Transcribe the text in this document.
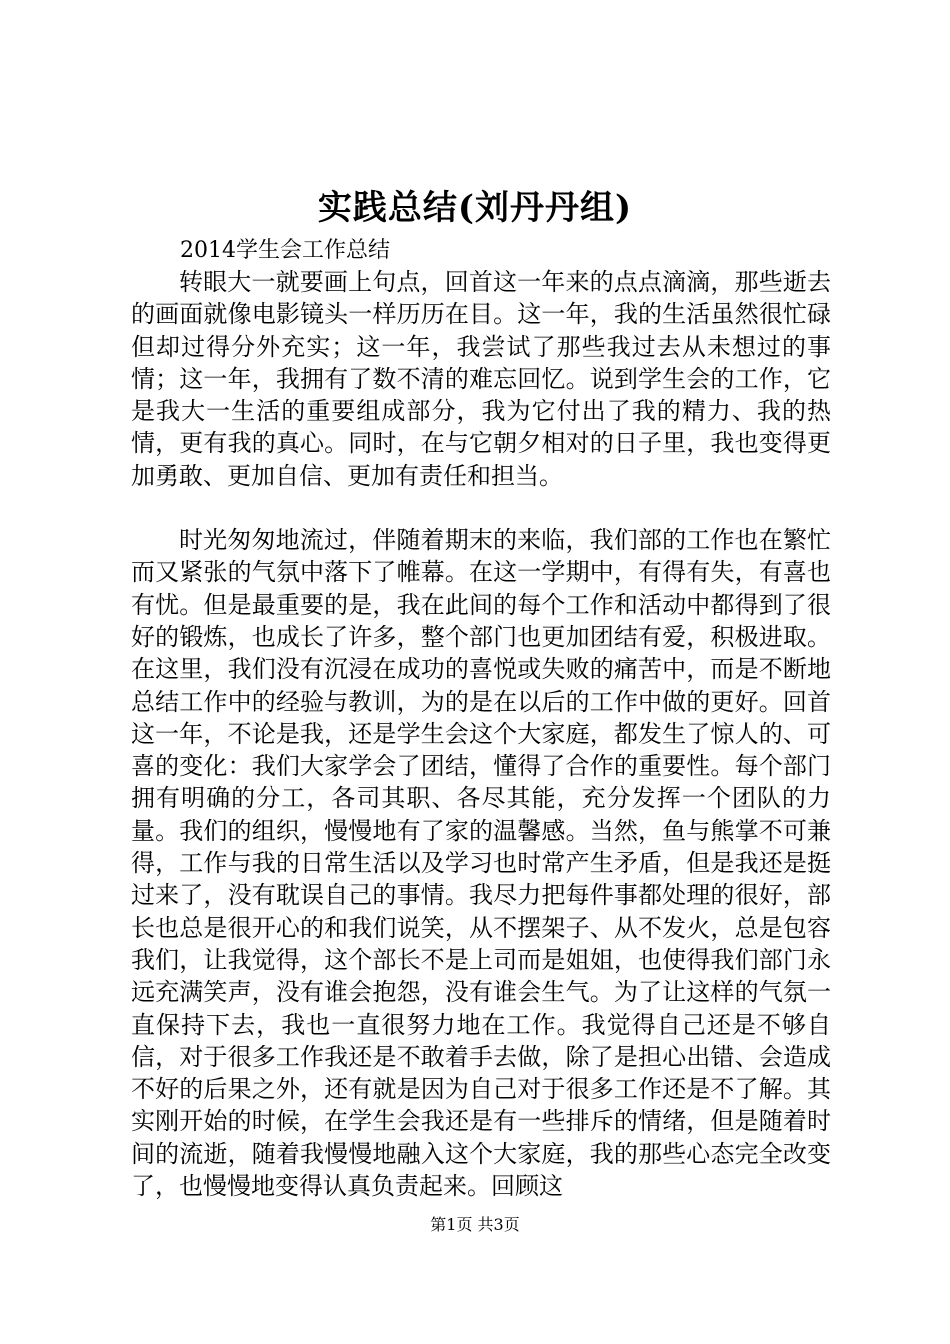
实践总结(刘丹丹组)

2014学生会工作总结

转眼大一就要画上句点，回首这一年来的点点滴滴，那些逝去的画面就像电影镜头一样历历在目。这一年，我的生活虽然很忙碌但却过得分外充实；这一年，我尝试了那些我过去从未想过的事情；这一年，我拥有了数不清的难忘回忆。说到学生会的工作，它是我大一生活的重要组成部分，我为它付出了我的精力、我的热情，更有我的真心。同时，在与它朝夕相对的日子里，我也变得更加勇敢、更加自信、更加有责任和担当。

时光匆匆地流过，伴随着期末的来临，我们部的工作也在繁忙而又紧张的气氛中落下了帷幕。在这一学期中，有得有失，有喜也有忧。但是最重要的是，我在此间的每个工作和活动中都得到了很好的锻炼，也成长了许多，整个部门也更加团结有爱，积极进取。在这里，我们没有沉浸在成功的喜悦或失败的痛苦中，而是不断地总结工作中的经验与教训，为的是在以后的工作中做的更好。回首这一年，不论是我，还是学生会这个大家庭，都发生了惊人的、可喜的变化：我们大家学会了团结，懂得了合作的重要性。每个部门拥有明确的分工，各司其职、各尽其能，充分发挥一个团队的力量。我们的组织，慢慢地有了家的温馨感。当然，鱼与熊掌不可兼得，工作与我的日常生活以及学习也时常产生矛盾，但是我还是挺过来了，没有耽误自己的事情。我尽力把每件事都处理的很好，部长也总是很开心的和我们说笑，从不摆架子、从不发火，总是包容我们，让我觉得，这个部长不是上司而是姐姐，也使得我们部门永远充满笑声，没有谁会抱怨，没有谁会生气。为了让这样的气氛一直保持下去，我也一直很努力地在工作。我觉得自己还是不够自信，对于很多工作我还是不敢着手去做，除了是担心出错、会造成不好的后果之外，还有就是因为自己对于很多工作还是不了解。其实刚开始的时候，在学生会我还是有一些排斥的情绪，但是随着时间的流逝，随着我慢慢地融入这个大家庭，我的那些心态完全改变了，也慢慢地变得认真负责起来。回顾这

第1页 共3页
